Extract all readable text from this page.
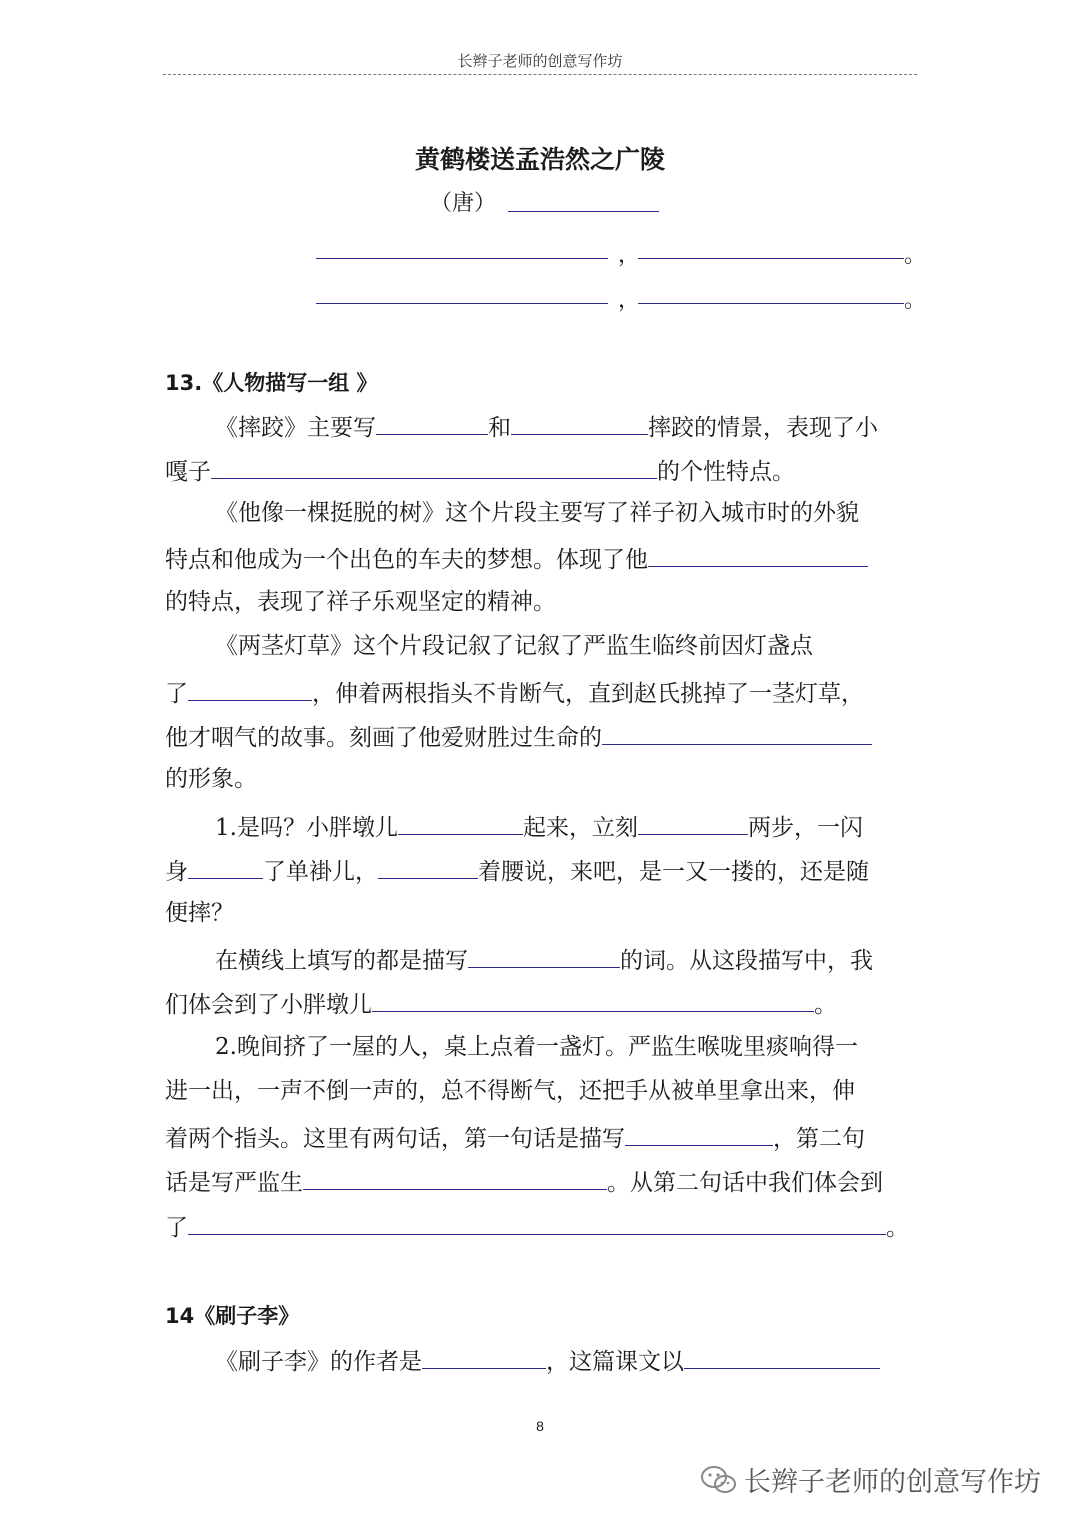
长辫子老师的创意写作坊
黄鹤楼送孟浩然之广陵
（唐）
，	。
，	。
13.《人物描写一组 》
《摔跤》主要写	和	摔跤的情景，表现了小
嘎子	的个性特点。
《他像一棵挺脱的树》这个片段主要写了祥子初入城市时的外貌
特点和他成为一个出色的车夫的梦想。体现了他
的特点，表现了祥子乐观坚定的精神。
《两茎灯草》这个片段记叙了记叙了严监生临终前因灯盏点
了	，伸着两根指头不肯断气，直到赵氏挑掉了一茎灯草，
他才咽气的故事。刻画了他爱财胜过生命的
的形象。
1.是吗？小胖墩儿	起来，立刻	两步，一闪
身	了单褂儿，	着腰说，来吧，是一又一搂的，还是随
便摔？
在横线上填写的都是描写	的词。从这段描写中，我
们体会到了小胖墩儿	。
2.晚间挤了一屋的人，桌上点着一盏灯。严监生喉咙里痰响得一
进一出，一声不倒一声的，总不得断气，还把手从被单里拿出来，伸
着两个指头。这里有两句话，第一句话是描写	，第二句
话是写严监生	。从第二句话中我们体会到
了	。
14《刷子李》
《刷子李》的作者是	，这篇课文以
8
长辫子老师的创意写作坊
